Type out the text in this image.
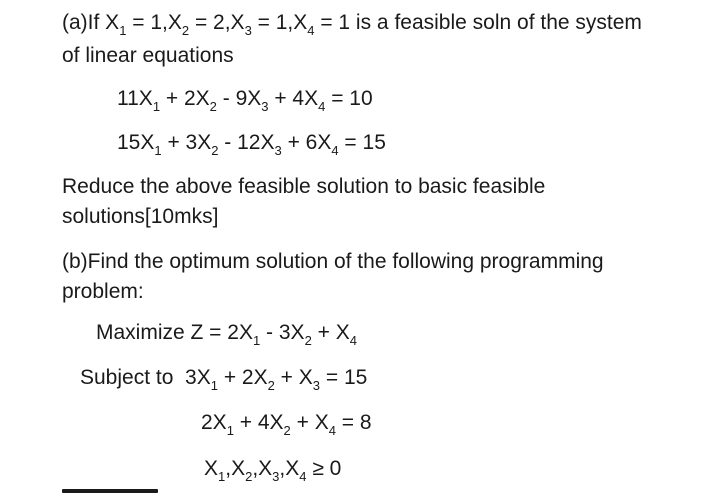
(a)If $X_1 = 1,X_2 = 2,X_3 = 1,X_4 = 1$ is a feasible soln of the system
of linear equations
$11X_1 + 2X_2 - 9X_3 + 4X_4 = 10$
$15X_1 + 3X_2 - 12X_3 + 6X_4 = 15$
Reduce the above feasible solution to basic feasible
solutions[10mks]
(b)Find the optimum solution of the following programming
problem:
Maximize $Z = 2X_1 - 3X_2 + X_4$
Subject to  $3X_1 + 2X_2 + X_3 = 15$
$2X_1 + 4X_2 + X_4 = 8$
$X_1,X_2,X_3,X_4 \ge 0$
